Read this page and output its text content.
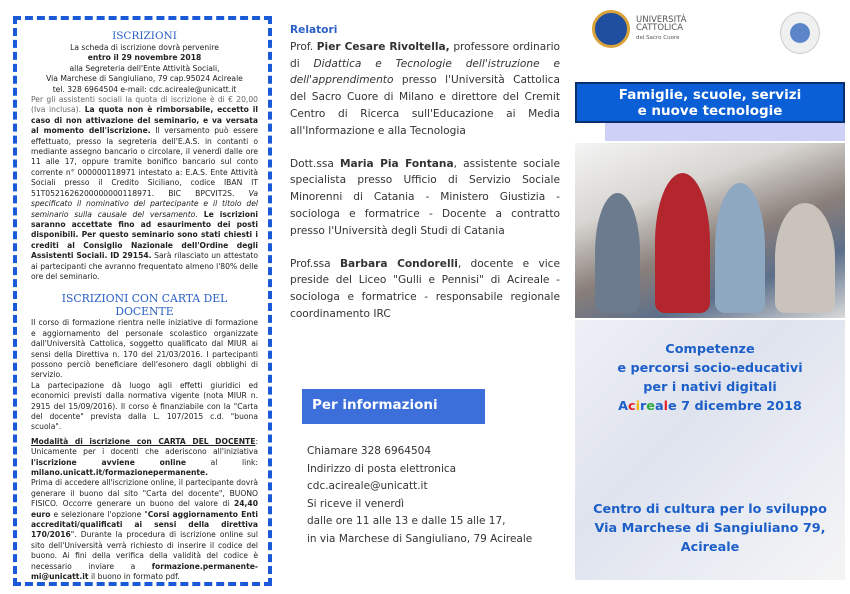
ISCRIZIONI
La scheda di iscrizione dovrà pervenire
entro il 29 novembre 2018
alla Segreteria dell'Ente Attività Sociali,
Via Marchese di Sangiuliano, 79 cap.95024 Acireale
tel. 328 6964504 e-mail: cdc.acireale@unicatt.it
Per gli assistenti sociali la quota di iscrizione è di € 20,00 (Iva inclusa). La quota non è rimborsabile, eccetto il caso di non attivazione del seminario, e va versata al momento dell'iscrizione. Il versamento può essere effettuato, presso la segreteria dell'E.A.S. in contanti o mediante assegno bancario o circolare, il venerdì dalle ore 11 alle 17, oppure tramite bonifico bancario sul conto corrente n° 000000118971 intestato a: E.A.S. Ente Attività Sociali presso il Credito Siciliano, codice IBAN IT 51T0521626200000000118971. BIC BPCVIT2S. Va specificato il nominativo del partecipante e il titolo del seminario sulla causale del versamento. Le iscrizioni saranno accettate fino ad esaurimento dei posti disponibili. Per questo seminario sono stati chiesti i crediti al Consiglio Nazionale dell'Ordine degli Assistenti Sociali. ID 29154. Sarà rilasciato un attestato ai partecipanti che avranno frequentato almeno l'80% delle ore del seminario.
ISCRIZIONI CON CARTA DEL DOCENTE
Il corso di formazione rientra nelle iniziative di formazione e aggiornamento del personale scolastico organizzate dall'Università Cattolica, soggetto qualificato dal MIUR ai sensi della Direttiva n. 170 del 21/03/2016. I partecipanti possono perciò beneficiare dell'esonero dagli obblighi di servizio.
La partecipazione dà luogo agli effetti giuridici ed economici previsti dalla normativa vigente (nota MIUR n. 2915 del 15/09/2016). Il corso è finanziabile con la "Carta del docente" prevista dalla L. 107/2015 c.d. "buona scuola".
Modalità di iscrizione con CARTA DEL DOCENTE: Unicamente per i docenti che aderiscono all'iniziativa l'iscrizione avviene online al link: milano.unicatt.it/formazionepermanente.
Prima di accedere all'iscrizione online, il partecipante dovrà generare il buono dal sito "Carta del docente", BUONO FISICO. Occorre generare un buono del valore di 24,40 euro e selezionare l'opzione "Corsi aggiornamento Enti accreditati/qualificati ai sensi della direttiva 170/2016". Durante la procedura di iscrizione online sul sito dell'Università verrà richiesto di inserire il codice del buono. Ai fini della verifica della validità del codice è necessario inviare a formazione.permanente-mi@unicatt.it il buono in formato pdf.
Relatori

Prof. Pier Cesare Rivoltella, professore ordinario di Didattica e Tecnologie dell'istruzione e dell'apprendimento presso l'Università Cattolica del Sacro Cuore di Milano e direttore del Cremit Centro di Ricerca sull'Educazione ai Media all'Informazione e alla Tecnologia

Dott.ssa Maria Pia Fontana, assistente sociale specialista presso Ufficio di Servizio Sociale Minorenni di Catania - Ministero Giustizia - sociologa e formatrice - Docente a contratto presso l'Università degli Studi di Catania

Prof.ssa Barbara Condorelli, docente e vice preside del Liceo "Gulli e Pennisi" di Acireale - sociologa e formatrice - responsabile regionale coordinamento IRC

Per informazioni
Chiamare 328 6964504
Indirizzo di posta elettronica
cdc.acireale@unicatt.it
Si riceve il venerdì
dalle ore 11 alle 13 e dalle 15 alle 17,
in via Marchese di Sangiuliano, 79 Acireale
UNIVERSITÀ
CATTOLICA
del Sacro Cuore
Famiglie, scuole, servizi
e nuove tecnologie
Competenze
e percorsi socio-educativi
per i nativi digitali
Acireale 7 dicembre 2018
Centro di cultura per lo sviluppo
Via Marchese di Sangiuliano 79,
Acireale
